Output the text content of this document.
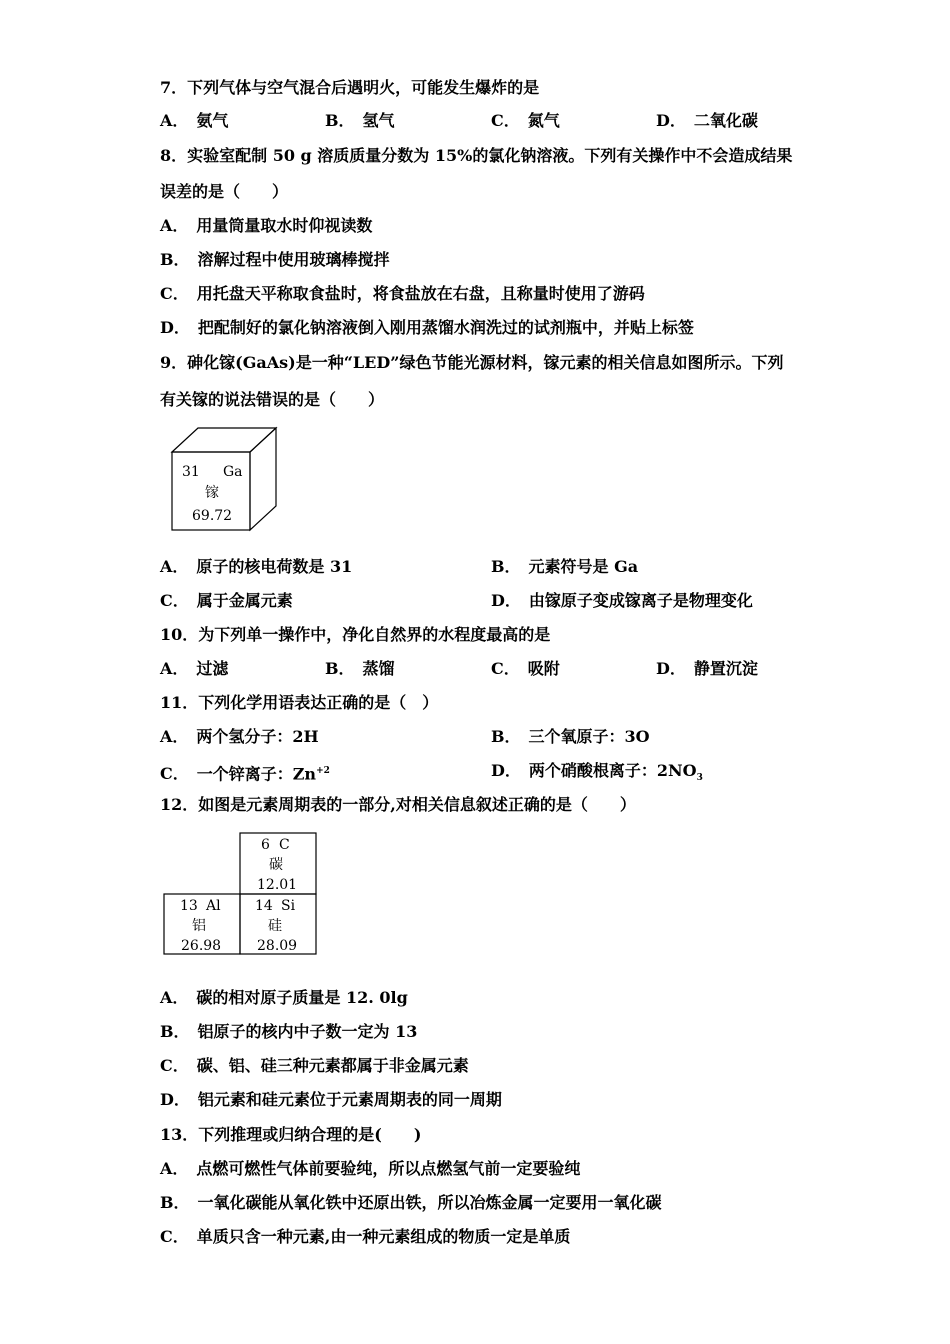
7．下列气体与空气混合后遇明火，可能发生爆炸的是
A． 氨气	B． 氢气	C． 氮气	D． 二氧化碳
8．实验室配制 50 g 溶质质量分数为 15%的氯化钠溶液。下列有关操作中不会造成结果
误差的是（　　）
A． 用量筒量取水时仰视读数
B． 溶解过程中使用玻璃棒搅拌
C． 用托盘天平称取食盐时，将食盐放在右盘，且称量时使用了游码
D． 把配制好的氯化钠溶液倒入刚用蒸馏水润洗过的试剂瓶中，并贴上标签
9．砷化镓(GaAs)是一种“LED”绿色节能光源材料，镓元素的相关信息如图所示。下列
有关镓的说法错误的是（　　）
31 Ga
镓
69.72
A． 原子的核电荷数是 31	B． 元素符号是 Ga
C． 属于金属元素	D． 由镓原子变成镓离子是物理变化
10．为下列单一操作中，净化自然界的水程度最高的是
A． 过滤	B． 蒸馏	C． 吸附	D． 静置沉淀
11．下列化学用语表达正确的是（　）
A． 两个氢分子：2H	B． 三个氧原子：3O
C． 一个锌离子：$Zn^{+2}$	D． 两个硝酸根离子：$2NO_3$
12．如图是元素周期表的一部分,对相关信息叙述正确的是（　　）
6 C
碳
12.01
13 Al
铝
26.98
14 Si
硅
28.09
A． 碳的相对原子质量是 12. 0lg
B． 铝原子的核内中子数一定为 13
C． 碳、铝、硅三种元素都属于非金属元素
D． 铝元素和硅元素位于元素周期表的同一周期
13．下列推理或归纳合理的是(　　)
A． 点燃可燃性气体前要验纯，所以点燃氢气前一定要验纯
B． 一氧化碳能从氧化铁中还原出铁，所以冶炼金属一定要用一氧化碳
C． 单质只含一种元素,由一种元素组成的物质一定是单质
